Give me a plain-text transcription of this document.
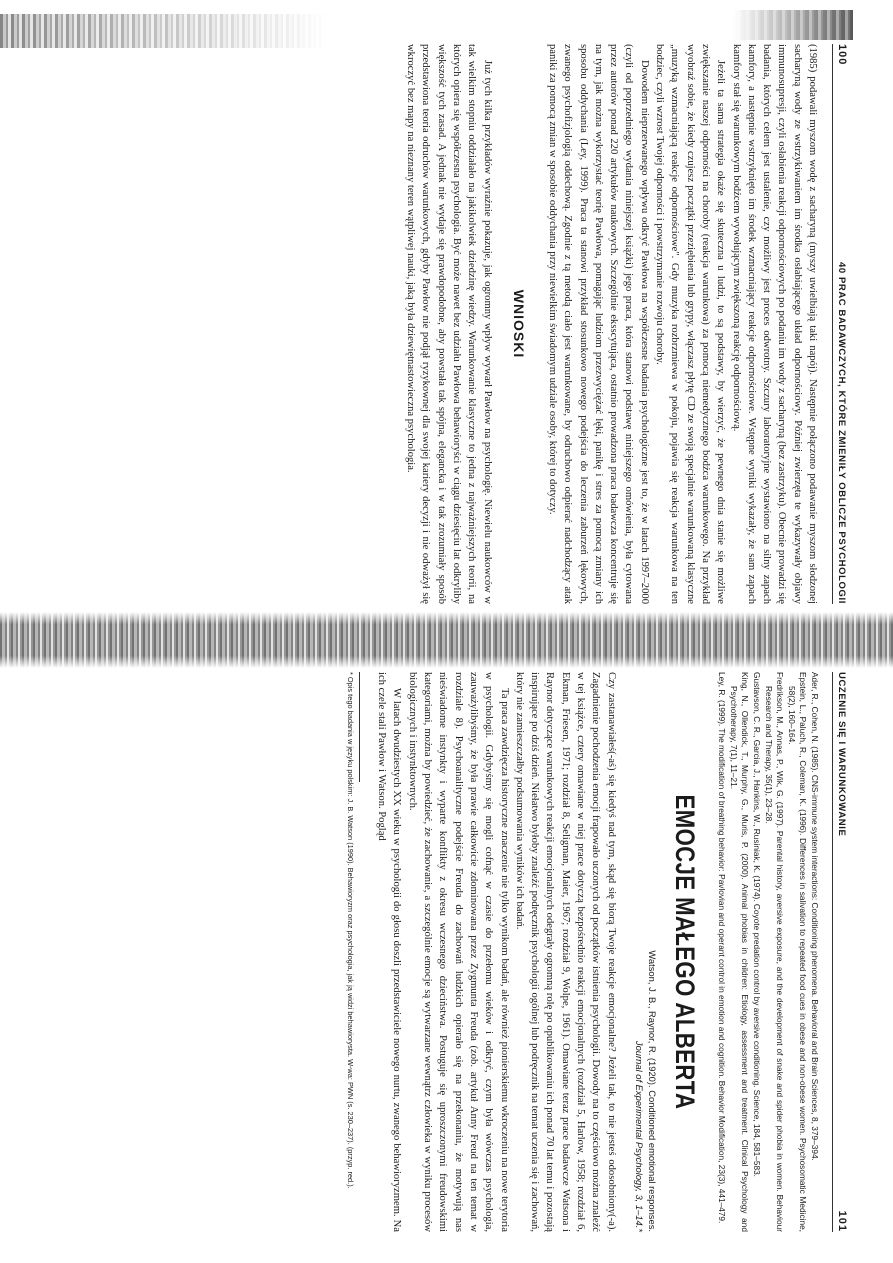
100
40 PRAC BADAWCZYCH, KTÓRE ZMIENIŁY OBLICZE PSYCHOLOGII

(1985) podawali myszom wodę z sacharyną (myszy uwielbiają taki napój). Następnie połączono podawanie myszom słodzonej sacharyną wody ze wstrzykiwaniem im środka osłabiającego układ odpornościowy. Później zwierzęta te wykazywały objawy immunosupresji, czyli osłabienia reakcji odpornościowych po podaniu im wody z sacharyną (bez zastrzyku). Obecnie prowadzi się badania, których celem jest ustalenie, czy możliwy jest proces odwrotny. Szczury laboratoryjne wystawiono na silny zapach kamfory, a następnie wstrzyknięto im środek wzmacniający reakcje odpornościowe. Wstępne wyniki wykazały, że sam zapach kamfory stał się warunkowym bodźcem wywołującym zwiększoną reakcję odpornościową.

Jeżeli ta sama strategia okaże się skuteczna u ludzi, to są podstawy, by wierzyć, że pewnego dnia stanie się możliwe zwiększanie naszej odporności na choroby (reakcja warunkowa) za pomocą niemedycznego bodźca warunkowego. Na przykład wyobraź sobie, że kiedy czujesz początki przeziębienia lub grypy, włączasz płytę CD ze swoją specjalnie warunkowaną klasyczne „muzyką wzmacniającą reakcje odpornościowe". Gdy muzyka rozbrzmiewa w pokoju, pojawia się reakcja warunkowa na ten bodziec, czyli wzrost Twojej odporności i powstrzymanie rozwoju choroby.

Dowodem nieprzerwanego wpływu odkryć Pawłowa na współczesne badania psychologiczne jest to, że w latach 1997–2000 (czyli od poprzedniego wydania niniejszej książki) jego praca, która stanowi podstawę niniejszego omówienia, była cytowana przez autorów ponad 220 artykułów naukowych. Szczególnie eksscytująca, ostatnio prowadzona praca badawcza koncentruje się na tym, jak można wykorzystać teorię Pawłowa, pomagając ludziom przezwyciężać lęki, panikę i stres za pomocą zmiany ich sposobu oddychania (Ley, 1999). Praca ta stanowi przykład stosunkowo nowego podejścia do leczenia zaburzeń lękowych, zwanego psychofizjologią oddechową. Zgodnie z tą metodą ciało jest warunkowane, by odruchowo odpierać nadchodzący atak paniki za pomocą zmian w sposobie oddychania przy niewielkim świadomym udziale osoby, której to dotyczy.

WNIOSKI

Już tych kilka przykładów wyraźnie pokazuje, jak ogromny wpływ wywarł Pawłow na psychologię. Niewielu naukowców w tak wielkim stopniu oddziałało na jakikolwiek dziedzinę wiedzy. Warunkowanie klasyczne to jedna z najważniejszych teorii, na których opiera się współczesna psychologia. Być może nawet bez udziału Pawłowa behawioryści w ciągu dziesięciu lat odkryliby większość tych zasad. A jednak nie wydaje się prawdopodobne, aby powstała tak spójna, elegancka i w tak zrozumiały sposób przedstawiona teoria odruchów warunkowych, gdyby Pawłow nie podjął ryzykownej dla swojej kariery decyzji i nie odważył się wkroczyć bez mapy na nieznany teren wątpliwej nauki, jaką była dziewiętnastowieczna psychologia.

UCZENIE SIĘ I WARUNKOWANIE
101
Ader, R., Cohen, N. (1985). CNS-immune system interactions: Conditioning phenomena. Behavioral and Brain Sciences, 8, 379–394.
Epstein, L., Paluch, R., Coleman, K. (1996). Differences in salivation to repeated food cues in obese and non-obese women. Psychosomatic Medicine, 58(2), 160–164.
Fredrikson, M., Annas, P., Wik, G. (1997). Parental history, aversive exposure, and the development of snake and spider phobia in women. Behaviour Research and Therapy, 35(1), 23–28.
Gustavson, C. R., Garcia, J., Hankins, W., Rusiniak, K. (1974). Coyote predation control by aversive conditioning. Science, 184, 581–583.
King, N., Ollendick, T., Murphy, G., Muris, P. (2000). Animal phobias in children: Etiology, assessment and treatment. Clinical Psychology and Psychotherapy, 7(1), 11–21.
Ley, R. (1999). The modification of breathing behavior: Pavlovian and operant control in emotion and cognition. Behavior Modification, 23(3), 441–479.
EMOCJE MAŁEGO ALBERTA
Watson, J. B., Raynor, R. (1920). Conditioned emotional responses.
Journal of Experimental Psychology, 3, 1–14.*

Czy zastanawiałeś(-aś) się kiedyś nad tym, skąd się biorą Twoje reakcje emocjonalne? Jeżeli tak, to nie jesteś odosobniony(-a). Zagadnienie pochodzenia emocji frapowało uczonych od początków istnienia psychologii. Dowody na to częściowo można znaleźć w tej książce, cztery omawiane w niej prace dotyczą bezpośrednio reakcji emocjonalnych (rozdział 5, Harlow, 1958; rozdział 6, Ekman, Friesen, 1971; rozdział 8, Seligman, Maier, 1967; rozdział 9, Wolpe, 1961). Omawiane teraz prace badawcze Watsona i Raynor dotyczące warunkowych reakcji emocjonalnych odegrały ogromną rolę po opublikowaniu ich ponad 70 lat temu i pozostają inspirujące po dziś dzień. Niełatwo byłoby znaleźć podręcznik psychologii ogólnej lub podręcznik na temat uczenia się i zachowań, który nie zamieszczałby podsumowania wyników ich badań.

Ta praca zawdzięcza historyczne znaczenie nie tylko wynikom badań, ale również pionierskiemu wkroczeniu na nowe terytoria w psychologii. Gdybyśmy się mogli cofnąć w czasie do przełomu wieków i odkryć, czym była wówczas psychologia, zauważylibyśmy, że była prawie całkowicie zdominowana przez Zygmunta Freuda (zob. artykuł Anny Freud na ten temat w rozdziale 8). Psychoanalityczne podejście Freuda do zachowań ludzkich opierało się na przekonaniu, że motywują nas nieświadome instynkty i wyparte konflikty z okresu wczesnego dzieciństwa. Postuguje się uproszczonymi freudowskimi kategoriami, można by powiedzieć, że zachowanie, a szczególnie emocje są wytwarzane wewnątrz człowieka w wyniku procesów biologicznych i instynktownych.

W latach dwudziestych XX wieku w psychologii do głosu doszli przedstawiciele nowego nurtu, zwanego behawioryzmem. Na ich czele stali Pawłow i Watson. Pogląd

* Opis tego badania w języku polskim: J. B. Watson (1990). Behawioryzm oraz psychologia, jak ją widzi behawiorysta. W-wa: PWN (s. 230–237). (przyp. red.).
